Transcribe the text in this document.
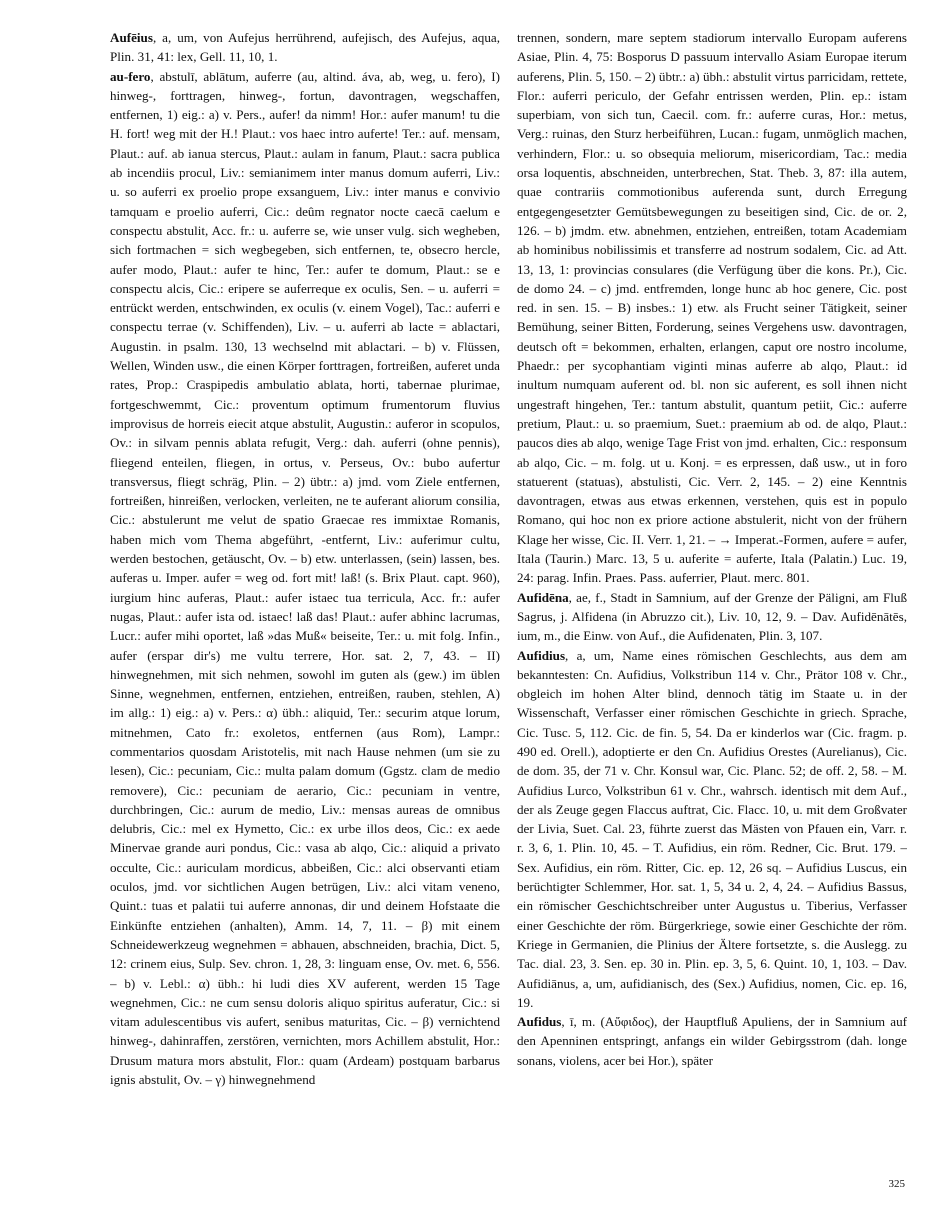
Aufēius, a, um, von Aufejus herrührend, aufejisch, des Aufejus, aqua, Plin. 31, 41: lex, Gell. 11, 10, 1.

au-fero, abstulī, ablātum, auferre (au, altind. áva, ab, weg, u. fero), I) hinweg-, forttragen, hinweg-, fortun, davontragen, wegschaffen, entfernen, 1) eig.: a) v. Pers., aufer! da nimm! Hor.: aufer manum! tu die H. fort! weg mit der H.! Plaut.: vos haec intro auferte! Ter.: auf. mensam, Plaut.: auf. ab ianua stercus, Plaut.: aulam in fanum, Plaut.: sacra publica ab incendiis procul, Liv.: semianimem inter manus domum auferri, Liv.: u. so auferri ex proelio prope exsanguem, Liv.: inter manus e convivio tamquam e proelio auferri, Cic.: deûm regnator nocte caecā caelum e conspectu abstulit, Acc. fr.: u. auferre se, wie unser vulg. sich wegheben, sich fortmachen = sich wegbegeben, sich entfernen, te, obsecro hercle, aufer modo, Plaut.: aufer te hinc, Ter.: aufer te domum, Plaut.: se e conspectu alcis, Cic.: eripere se auferreque ex oculis, Sen. – u. auferri = entrückt werden, entschwinden, ex oculis (v. einem Vogel), Tac.: auferri e conspectu terrae (v. Schiffenden), Liv. – u. auferri ab lacte = ablactari, Augustin. in psalm. 130, 13 wechselnd mit ablactari. – b) v. Flüssen, Wellen, Winden usw., die einen Körper forttragen, fortreißen, auferet unda rates, Prop.: Craspipedis ambulatio ablata, horti, tabernae plurimae, fortgeschwemmt, Cic.: proventum optimum frumentorum fluvius improvisus de horreis eiecit atque abstulit, Augustin.: auferor in scopulos, Ov.: in silvam pennis ablata refugit, Verg.: dah. auferri (ohne pennis), fliegend enteilen, fliegen, in ortus, v. Perseus, Ov.: bubo aufertur transversus, fliegt schräg, Plin. – 2) übtr.: a) jmd. vom Ziele entfernen, fortreißen, hinreißen, verlocken, verleiten, ne te auferant aliorum consilia, Cic.: abstulerunt me velut de spatio Graecae res immixtae Romanis, haben mich vom Thema abgeführt, -entfernt, Liv.: auferimur cultu, werden bestochen, getäuscht, Ov. – b) etw. unterlassen, (sein) lassen, bes. auferas u. Imper. aufer = weg od. fort mit! laß! (s. Brix Plaut. capt. 960), iurgium hinc auferas, Plaut.: aufer istaec tua terricula, Acc. fr.: aufer nugas, Plaut.: aufer ista od. istaec! laß das! Plaut.: aufer abhinc lacrumas, Lucr.: aufer mihi oportet, laß »das Muß« beiseite, Ter.: u. mit folg. Infin., aufer (erspar dir's) me vultu terrere, Hor. sat. 2, 7, 43. – II) hinwegnehmen, mit sich nehmen, sowohl im guten als (gew.) im üblen Sinne, wegnehmen, entfernen, entziehen, entreißen, rauben, stehlen, A) im allg.: 1) eig.: a) v. Pers.: α) übh.: aliquid, Ter.: securim atque lorum, mitnehmen, Cato fr.: exoletos, entfernen (aus Rom), Lampr.: commentarios quosdam Aristotelis, mit nach Hause nehmen (um sie zu lesen), Cic.: pecuniam, Cic.: multa palam domum (Ggstz. clam de medio removere), Cic.: pecuniam de aerario, Cic.: pecuniam in ventre, durchbringen, Cic.: aurum de medio, Liv.: mensas aureas de omnibus delubris, Cic.: mel ex Hymetto, Cic.: ex urbe illos deos, Cic.: ex aede Minervae grande auri pondus, Cic.: vasa ab alqo, Cic.: aliquid a privato occulte, Cic.: auriculam mordicus, abbeißen, Cic.: alci observanti etiam oculos, jmd. vor sichtlichen Augen betrügen, Liv.: alci vitam veneno, Quint.: tuas et palatii tui auferre annonas, dir und deinem Hofstaate die Einkünfte entziehen (anhalten), Amm. 14, 7, 11. – β) mit einem Schneidewerkzeug wegnehmen = abhauen, abschneiden, brachia, Dict. 5, 12: crinem eius, Sulp. Sev. chron. 1, 28, 3: linguam ense, Ov. met. 6, 556. – b) v. Lebl.: α) übh.: hi ludi dies XV auferent, werden 15 Tage wegnehmen, Cic.: ne cum sensu doloris aliquo spiritus auferatur, Cic.: si vitam adulescentibus vis aufert, senibus maturitas, Cic. – β) vernichtend hinweg-, dahinraffen, zerstören, vernichten, mors Achillem abstulit, Hor.: Drusum matura mors abstulit, Flor.: quam (Ardeam) postquam barbarus ignis abstulit, Ov. – γ) hinwegnehmend

trennen, sondern, mare septem stadiorum intervallo Europam auferens Asiae, Plin. 4, 75: Bosporus D passuum intervallo Asiam Europae iterum auferens, Plin. 5, 150. – 2) übtr.: a) übh.: abstulit virtus parricidam, rettete, Flor.: auferri periculo, der Gefahr entrissen werden, Plin. ep.: istam superbiam, von sich tun, Caecil. com. fr.: auferre curas, Hor.: metus, Verg.: ruinas, den Sturz herbeiführen, Lucan.: fugam, unmöglich machen, verhindern, Flor.: u. so obsequia meliorum, misericordiam, Tac.: media orsa loquentis, abschneiden, unterbrechen, Stat. Theb. 3, 87: illa autem, quae contrariis commotionibus auferenda sunt, durch Erregung entgegengesetzter Gemütsbewegungen zu beseitigen sind, Cic. de or. 2, 126. – b) jmdm. etw. abnehmen, entziehen, entreißen, totam Academiam ab hominibus nobilissimis et transferre ad nostrum sodalem, Cic. ad Att. 13, 13, 1: provincias consulares (die Verfügung über die kons. Pr.), Cic. de domo 24. – c) jmd. entfremden, longe hunc ab hoc genere, Cic. post red. in sen. 15. – B) insbes.: 1) etw. als Frucht seiner Tätigkeit, seiner Bemühung, seiner Bitten, Forderung, seines Vergehens usw. davontragen, deutsch oft = bekommen, erhalten, erlangen, caput ore nostro incolume, Phaedr.: per sycophantiam viginti minas auferre ab alqo, Plaut.: id inultum numquam auferent od. bl. non sic auferent, es soll ihnen nicht ungestraft hingehen, Ter.: tantum abstulit, quantum petiit, Cic.: auferre pretium, Plaut.: u. so praemium, Suet.: praemium ab od. de alqo, Plaut.: paucos dies ab alqo, wenige Tage Frist von jmd. erhalten, Cic.: responsum ab alqo, Cic. – m. folg. ut u. Konj. = es erpressen, daß usw., ut in foro statuerent (statuas), abstulisti, Cic. Verr. 2, 145. – 2) eine Kenntnis davontragen, etwas aus etwas erkennen, verstehen, quis est in populo Romano, qui hoc non ex priore actione abstulerit, nicht von der frühern Klage her wisse, Cic. II. Verr. 1, 21. – → Imperat.-Formen, aufere = aufer, Itala (Taurin.) Marc. 13, 5 u. auferite = auferte, Itala (Palatin.) Luc. 19, 24: parag. Infin. Praes. Pass. auferrier, Plaut. merc. 801.

Aufidēna, ae, f., Stadt in Samnium, auf der Grenze der Päligni, am Fluß Sagrus, j. Alfidena (in Abruzzo cit.), Liv. 10, 12, 9. – Dav. Aufidēnātēs, ium, m., die Einw. von Auf., die Aufidenaten, Plin. 3, 107.

Aufidius, a, um, Name eines römischen Geschlechts, aus dem am bekanntesten: Cn. Aufidius, Volkstribun 114 v. Chr., Prätor 108 v. Chr., obgleich im hohen Alter blind, dennoch tätig im Staate u. in der Wissenschaft, Verfasser einer römischen Geschichte in griech. Sprache, Cic. Tusc. 5, 112. Cic. de fin. 5, 54. Da er kinderlos war (Cic. fragm. p. 490 ed. Orell.), adoptierte er den Cn. Aufidius Orestes (Aurelianus), Cic. de dom. 35, der 71 v. Chr. Konsul war, Cic. Planc. 52; de off. 2, 58. – M. Aufidius Lurco, Volkstribun 61 v. Chr., wahrsch. identisch mit dem Auf., der als Zeuge gegen Flaccus auftrat, Cic. Flacc. 10, u. mit dem Großvater der Livia, Suet. Cal. 23, führte zuerst das Mästen von Pfauen ein, Varr. r. r. 3, 6, 1. Plin. 10, 45. – T. Aufidius, ein röm. Redner, Cic. Brut. 179. – Sex. Aufidius, ein röm. Ritter, Cic. ep. 12, 26 sq. – Aufidius Luscus, ein berüchtigter Schlemmer, Hor. sat. 1, 5, 34 u. 2, 4, 24. – Aufidius Bassus, ein römischer Geschichtschreiber unter Augustus u. Tiberius, Verfasser einer Geschichte der röm. Bürgerkriege, sowie einer Geschichte der röm. Kriege in Germanien, die Plinius der Ältere fortsetzte, s. die Auslegg. zu Tac. dial. 23, 3. Sen. ep. 30 in. Plin. ep. 3, 5, 6. Quint. 10, 1, 103. – Dav. Aufidiānus, a, um, aufidianisch, des (Sex.) Aufidius, nomen, Cic. ep. 16, 19.

Aufidus, ī, m. (Αὔφιδος), der Hauptfluß Apuliens, der in Samnium auf den Apenninen entspringt, anfangs ein wilder Gebirgsstrom (dah. longe sonans, violens, acer bei Hor.), später

325
